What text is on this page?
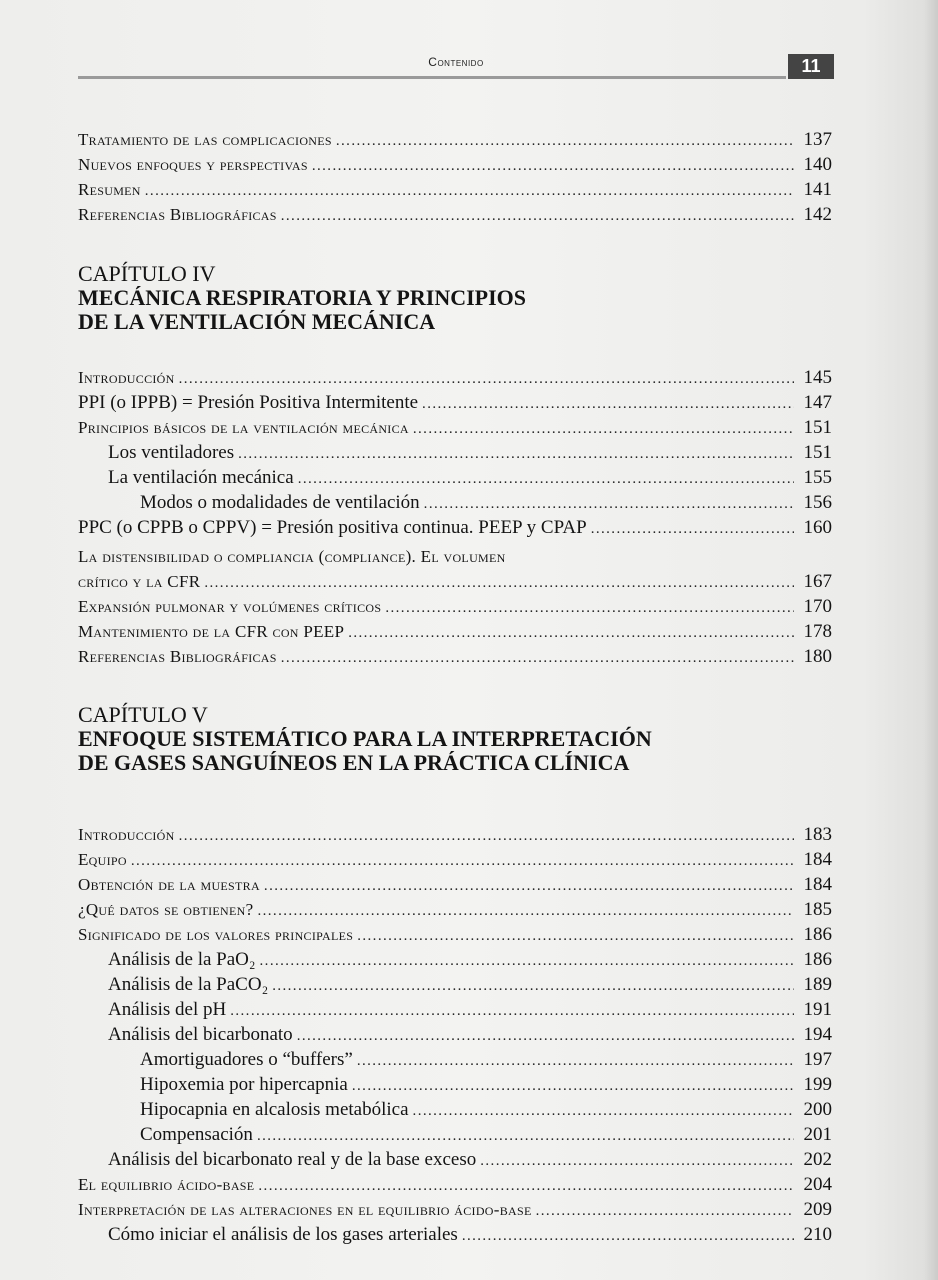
Contenido	11
Tratamiento de las complicaciones .....	137
Nuevos enfoques y perspectivas .....	140
Resumen .....	141
Referencias Bibliográficas .....	142
CAPÍTULO IV
MECÁNICA RESPIRATORIA Y PRINCIPIOS
DE LA VENTILACIÓN MECÁNICA
Introducción .....	145
PPI (o IPPB) = Presión Positiva Intermitente .....	147
Principios básicos de la ventilación mecánica .....	151
Los ventiladores .....	151
La ventilación mecánica .....	155
Modos o modalidades de ventilación .....	156
PPC (o CPPB o CPPV) = Presión positiva continua. PEEP y CPAP .....	160
La distensibilidad o compliancia (compliance). El volumen
crítico y la CFR .....	167
Expansión pulmonar y volúmenes críticos .....	170
Mantenimiento de la CFR con PEEP .....	178
Referencias Bibliográficas .....	180
CAPÍTULO V
ENFOQUE SISTEMÁTICO PARA LA INTERPRETACIÓN
DE GASES SANGUÍNEOS EN LA PRÁCTICA CLÍNICA
Introducción .....	183
Equipo .....	184
Obtención de la muestra .....	184
¿Qué datos se obtienen? .....	185
Significado de los valores principales .....	186
Análisis de la PaO₂ .....	186
Análisis de la PaCO₂ .....	189
Análisis del pH .....	191
Análisis del bicarbonato .....	194
Amortiguadores o “buffers” .....	197
Hipoxemia por hipercapnia .....	199
Hipocapnia en alcalosis metabólica .....	200
Compensación .....	201
Análisis del bicarbonato real y de la base exceso .....	202
El equilibrio ácido-base .....	204
Interpretación de las alteraciones en el equilibrio ácido-base .....	209
Cómo iniciar el análisis de los gases arteriales .....	210
